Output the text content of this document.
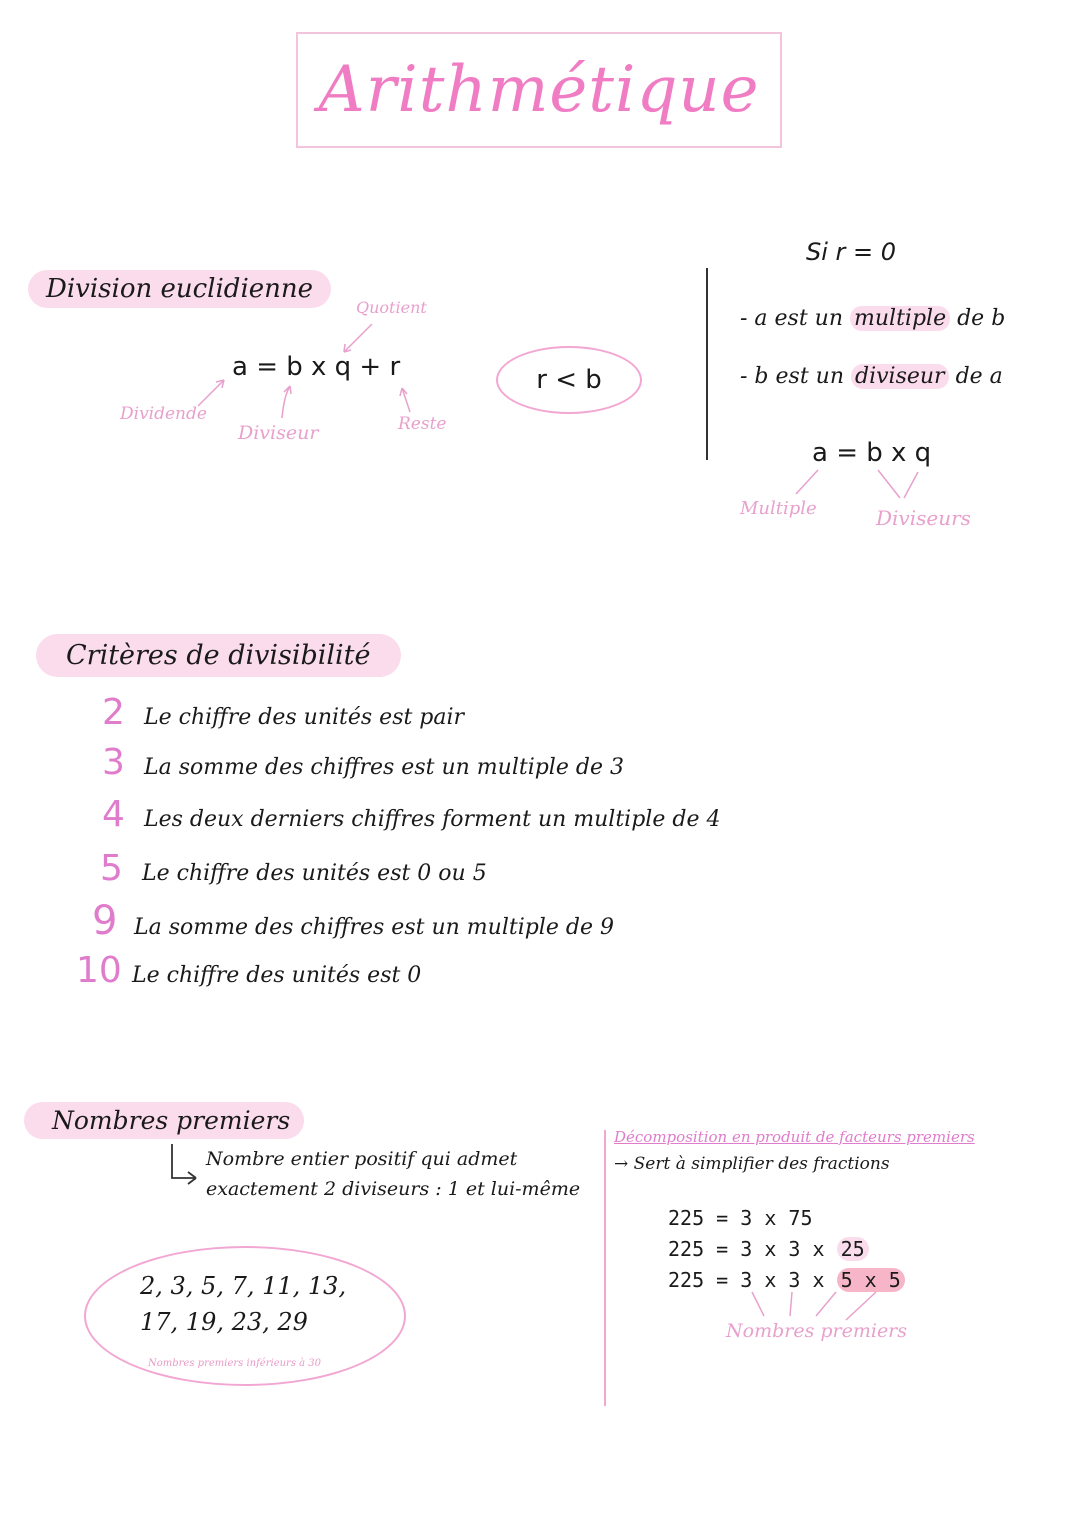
Arithmétique
Division euclidienne
Quotient
a = b x q + r
Dividende
Diviseur	Reste
r < b
Si r = 0
- a est un multiple de b
- b est un diviseur de a
a = b x q
Multiple	Diviseurs
Critères de divisibilité
2 Le chiffre des unités est pair
3 La somme des chiffres est un multiple de 3
4 Les deux derniers chiffres forment un multiple de 4
5 Le chiffre des unités est 0 ou 5
9 La somme des chiffres est un multiple de 9
10 Le chiffre des unités est 0
Nombres premiers
Nombre entier positif qui admet
exactement 2 diviseurs : 1 et lui-même
2, 3, 5, 7, 11, 13,
17, 19, 23, 29
Nombres premiers inférieurs à 30
Décomposition en produit de facteurs premiers
→ Sert à simplifier des fractions
225 = 3 x 75
225 = 3 x 3 x 25
225 = 3 x 3 x 5 x 5
Nombres premiers
